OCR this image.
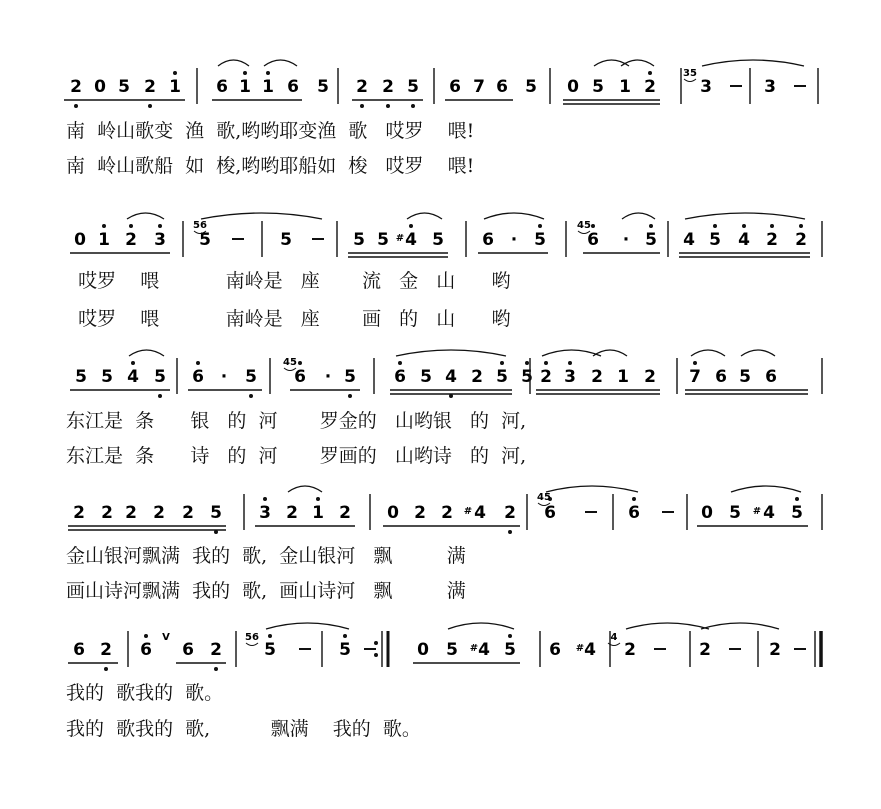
2 0 5 2 1 6 1 1 6 5 2 2 5 6 7 6 5 0 5 1 2	3	3
35
0 1 2 3 5	5	5 5 4 5 6 · 5 6 · 5 4 5 4 2 2
56	45
#
5 5 4 5 6 · 5 6 · 5 6 5 4 2 5 5 2 3 2 1 2 7 6 5 6
45
2 2 2 2 2 5 3 2 1 2 0 2 2 4 2 6	6	0 5 4 5
45
#	#
6 2 6 6 2 5	5	0 5 4 5 6 4 2	2	2
56	4
#	#
V

南  岭山歌变  渔  歌,哟哟耶变渔  歌   哎罗    喂!

南  岭山歌船  如  梭,哟哟耶船如  梭   哎罗    喂!

哎罗    喂           南岭是   座       流   金   山      哟

哎罗    喂           南岭是   座       画   的   山      哟

东江是  条      银   的  河       罗金的   山哟银   的  河,

东江是  条      诗   的  河       罗画的   山哟诗   的  河,

金山银河飘满  我的  歌,  金山银河   飘         满

画山诗河飘满  我的  歌,  画山诗河   飘         满

我的  歌我的  歌。

我的  歌我的  歌,          飘满    我的  歌。
